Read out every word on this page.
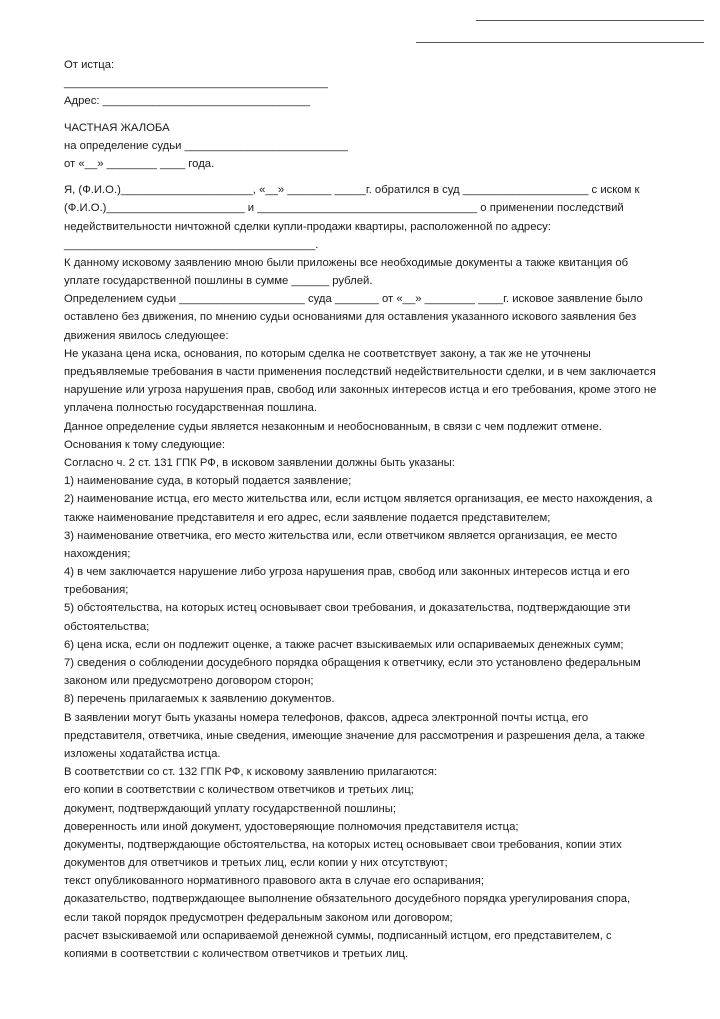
От истца:
__________________________________________
Адрес: _________________________________
ЧАСТНАЯ ЖАЛОБА
на определение судьи __________________________
от «__» ________ ____ года.
Я, (Ф.И.О.)_____________________, «__» _______ _____г. обратился в суд ____________________ с иском к
(Ф.И.О.)______________________ и ___________________________________ о применении последствий
недействительности ничтожной сделки купли-продажи квартиры, расположенной по адресу:
________________________________________.
К данному исковому заявлению мною были приложены все необходимые документы а также квитанция об
уплате государственной пошлины в сумме ______ рублей.
Определением судьи ____________________ суда _______ от «__» ________ ____г. исковое заявление было
оставлено без движения, по мнению судьи основаниями для оставления указанного искового заявления без
движения явилось следующее:
Не указана цена иска, основания, по которым сделка не соответствует закону, а так же не уточнены
предъявляемые требования в части применения последствий недействительности сделки, и в чем заключается
нарушение или угроза нарушения прав, свобод или законных интересов истца и его требования, кроме этого не
уплачена полностью государственная пошлина.
Данное определение судьи является незаконным и необоснованным, в связи с чем подлежит отмене.
Основания к тому следующие:
Согласно ч. 2 ст. 131 ГПК РФ, в исковом заявлении должны быть указаны:
1) наименование суда, в который подается заявление;
2) наименование истца, его место жительства или, если истцом является организация, ее место нахождения, а
также наименование представителя и его адрес, если заявление подается представителем;
3) наименование ответчика, его место жительства или, если ответчиком является организация, ее место
нахождения;
4) в чем заключается нарушение либо угроза нарушения прав, свобод или законных интересов истца и его
требования;
5) обстоятельства, на которых истец основывает свои требования, и доказательства, подтверждающие эти
обстоятельства;
6) цена иска, если он подлежит оценке, а также расчет взыскиваемых или оспариваемых денежных сумм;
7) сведения о соблюдении досудебного порядка обращения к ответчику, если это установлено федеральным
законом или предусмотрено договором сторон;
8) перечень прилагаемых к заявлению документов.
В заявлении могут быть указаны номера телефонов, факсов, адреса электронной почты истца, его
представителя, ответчика, иные сведения, имеющие значение для рассмотрения и разрешения дела, а также
изложены ходатайства истца.
В соответствии со ст. 132 ГПК РФ, к исковому заявлению прилагаются:
его копии в соответствии с количеством ответчиков и третьих лиц;
документ, подтверждающий уплату государственной пошлины;
доверенность или иной документ, удостоверяющие полномочия представителя истца;
документы, подтверждающие обстоятельства, на которых истец основывает свои требования, копии этих
документов для ответчиков и третьих лиц, если копии у них отсутствуют;
текст опубликованного нормативного правового акта в случае его оспаривания;
доказательство, подтверждающее выполнение обязательного досудебного порядка урегулирования спора,
если такой порядок предусмотрен федеральным законом или договором;
расчет взыскиваемой или оспариваемой денежной суммы, подписанный истцом, его представителем, с
копиями в соответствии с количеством ответчиков и третьих лиц.
